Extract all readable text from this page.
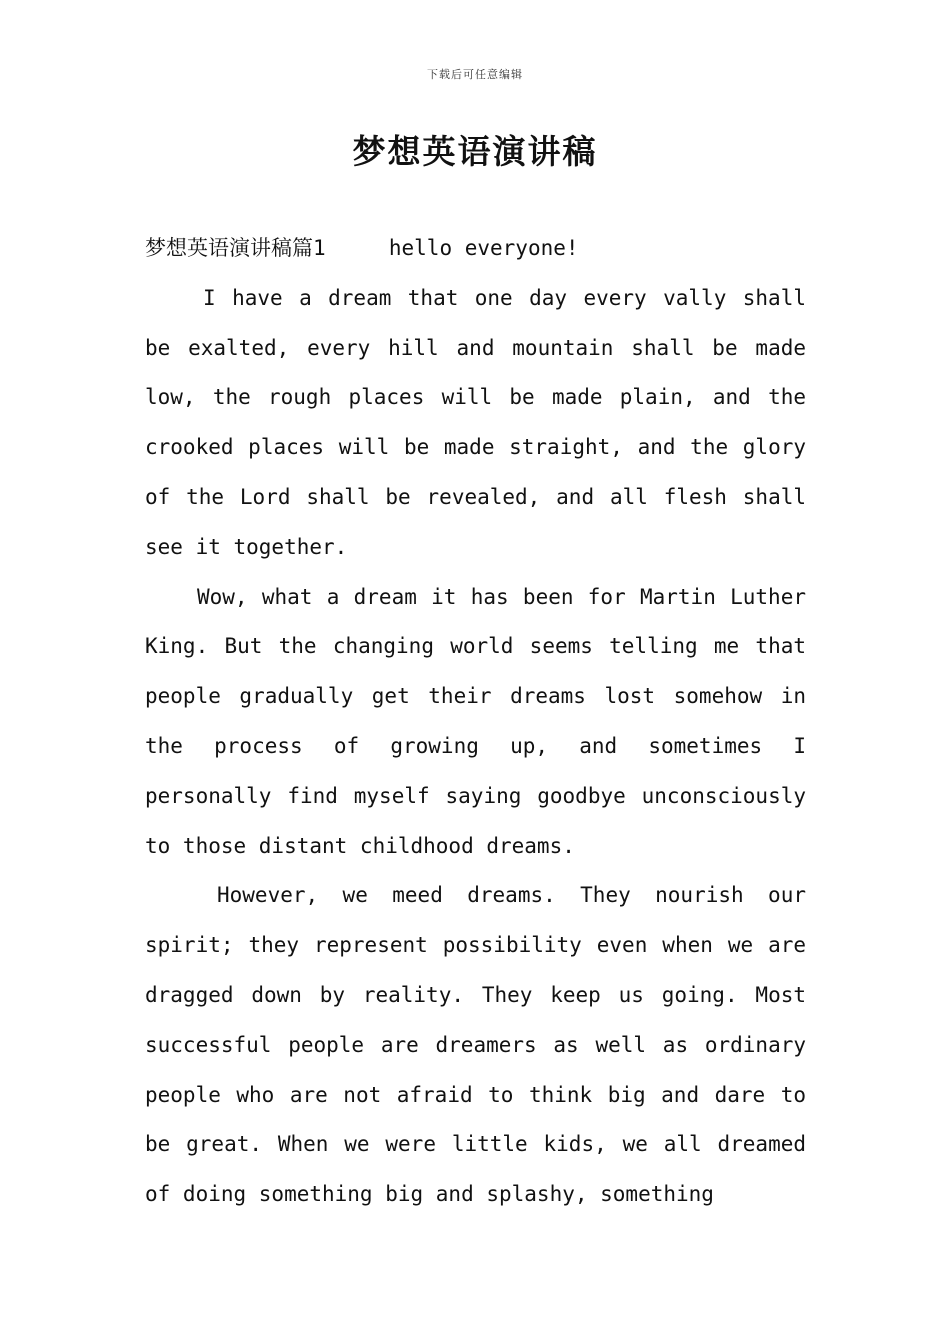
下载后可任意编辑
梦想英语演讲稿

梦想英语演讲稿篇1	hello everyone!

I have a dream that one day every vally shall be exalted, every hill and mountain shall be made low, the rough places will be made plain, and the crooked places will be made straight, and the glory of the Lord shall be revealed, and all flesh shall see it together.

Wow, what a dream it has been for Martin Luther King. But the changing world seems telling me that people gradually get their dreams lost somehow in the process of growing up, and sometimes I personally find myself saying goodbye unconsciously to those distant childhood dreams.

However, we meed dreams. They nourish our spirit; they represent possibility even when we are dragged down by reality. They keep us going. Most successful people are dreamers as well as ordinary people who are not afraid to think big and dare to be great. When we were little kids, we all dreamed of doing something big and splashy, something
